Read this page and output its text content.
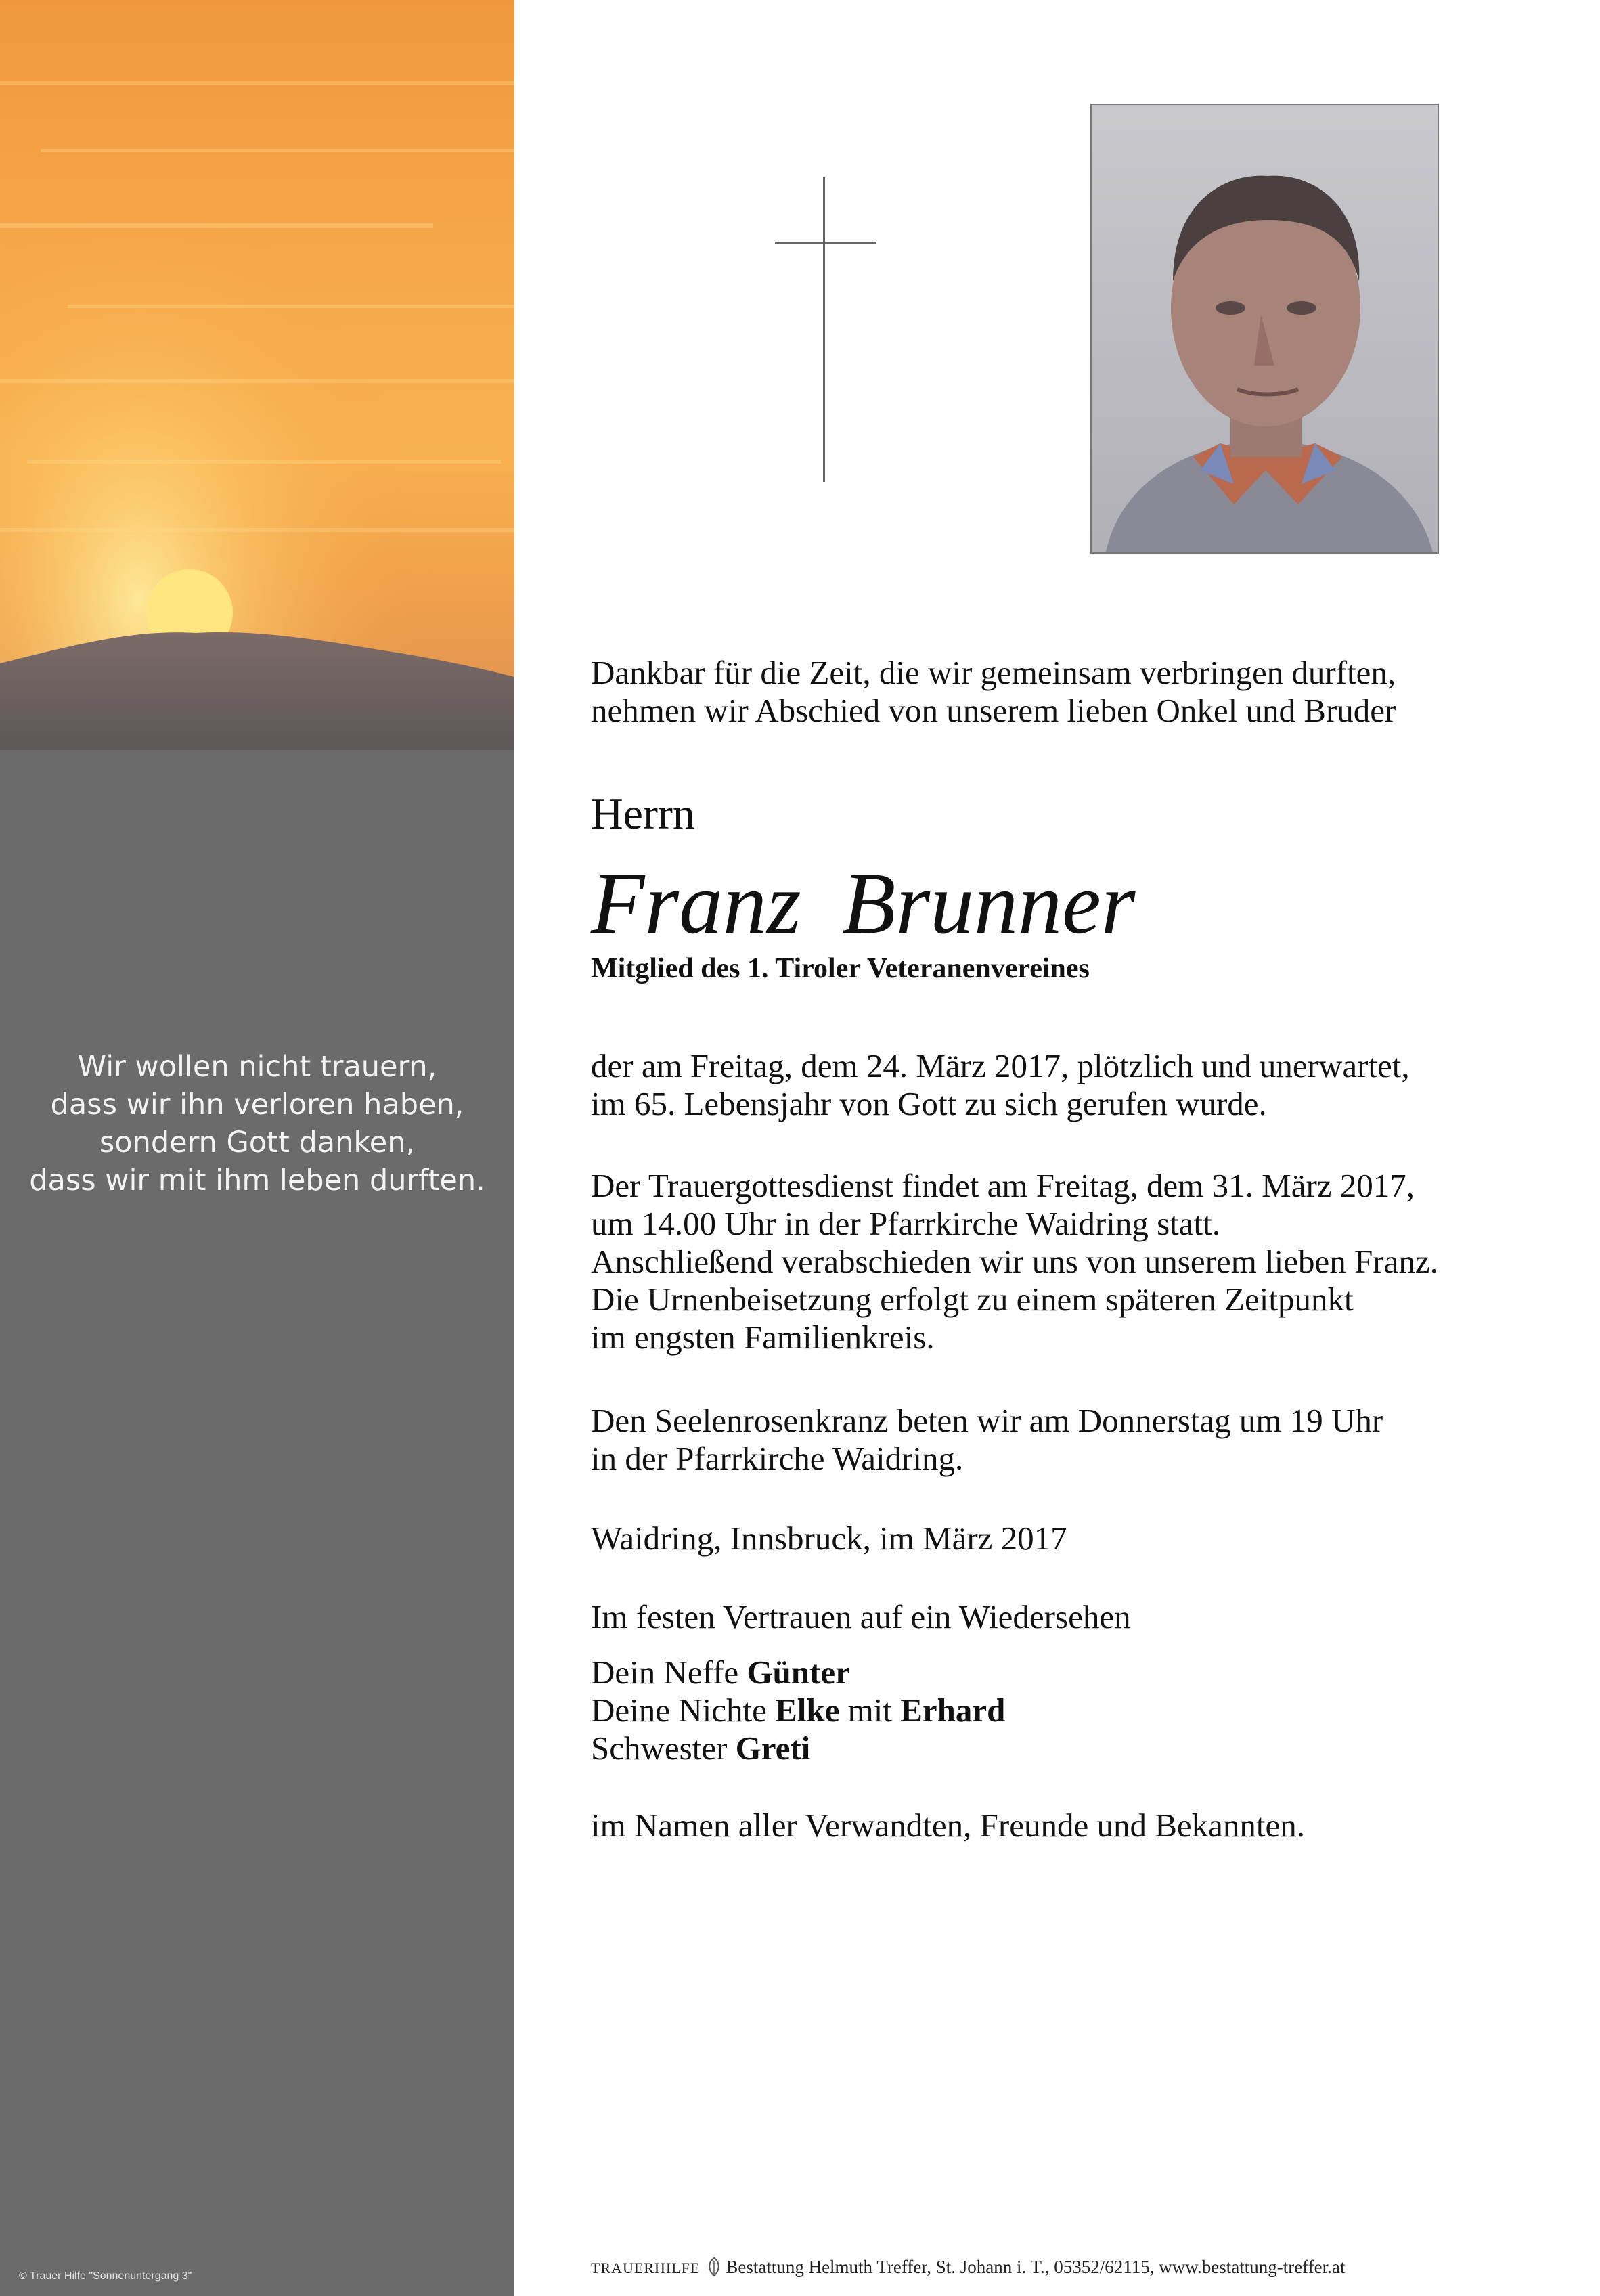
Wir wollen nicht trauern,
dass wir ihn verloren haben,
sondern Gott danken,
dass wir mit ihm leben durften.
© Trauer Hilfe "Sonnenuntergang 3"
Dankbar für die Zeit, die wir gemeinsam verbringen durften,
nehmen wir Abschied von unserem lieben Onkel und Bruder
Herrn
Franz Brunner
Mitglied des 1. Tiroler Veteranenvereines
der am Freitag, dem 24. März 2017, plötzlich und unerwartet,
im 65. Lebensjahr von Gott zu sich gerufen wurde.
Der Trauergottesdienst findet am Freitag, dem 31. März 2017,
um 14.00 Uhr in der Pfarrkirche Waidring statt.
Anschließend verabschieden wir uns von unserem lieben Franz.
Die Urnenbeisetzung erfolgt zu einem späteren Zeitpunkt
im engsten Familienkreis.
Den Seelenrosenkranz beten wir am Donnerstag um 19 Uhr
in der Pfarrkirche Waidring.
Waidring, Innsbruck, im März 2017
Im festen Vertrauen auf ein Wiedersehen
Dein Neffe Günter
Deine Nichte Elke mit Erhard
Schwester Greti
im Namen aller Verwandten, Freunde und Bekannten.
TRAUERHILFE Bestattung Helmuth Treffer, St. Johann i. T., 05352/62115, www.bestattung-treffer.at
